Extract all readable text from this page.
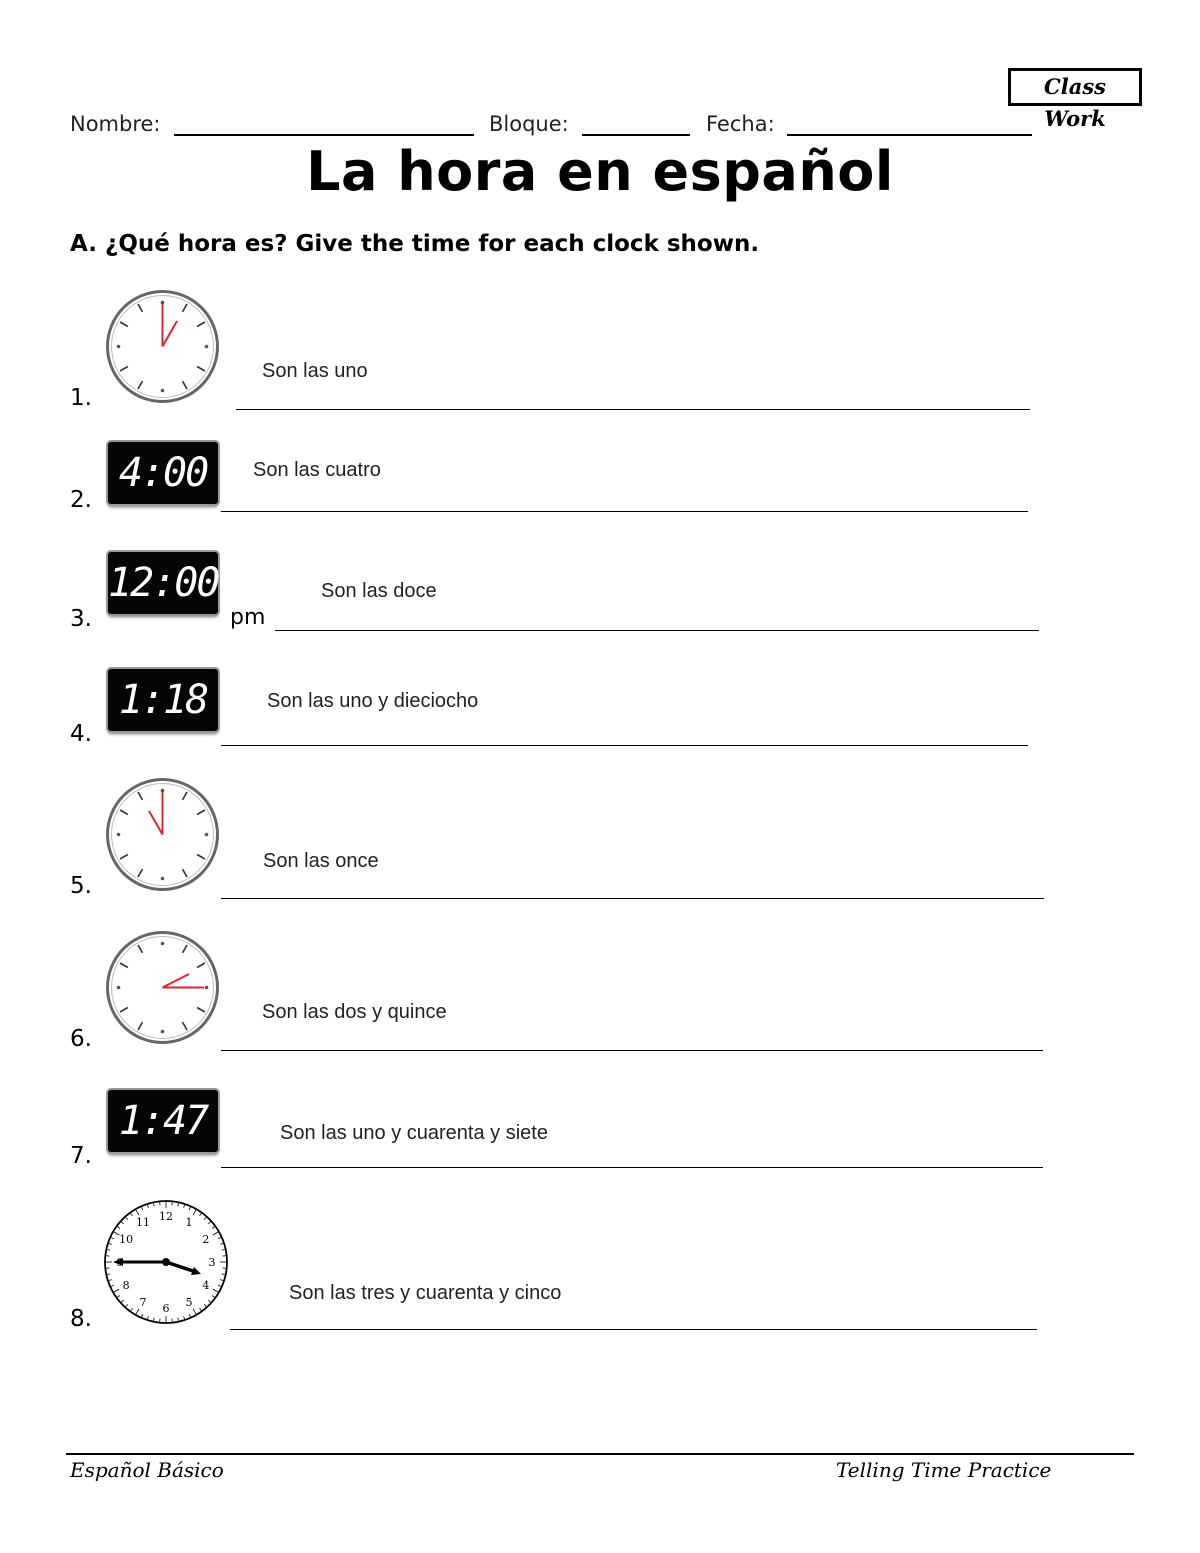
Class Work
Nombre:	Bloque:	Fecha:
La hora en español
A. ¿Qué hora es? Give the time for each clock shown.
1.
Son las uno
2.
4:00	Son las cuatro
3.
12:00
pm
Son las doce
4.
1:18	Son las uno y dieciocho
5.
Son las once
6.
Son las dos y quince
7.
1:47	Son las uno y cuarenta y siete
8.
12 1
2
3
4
5
6
7
8
10
11
Son las tres y cuarenta y cinco
Español Básico	Telling Time Practice
